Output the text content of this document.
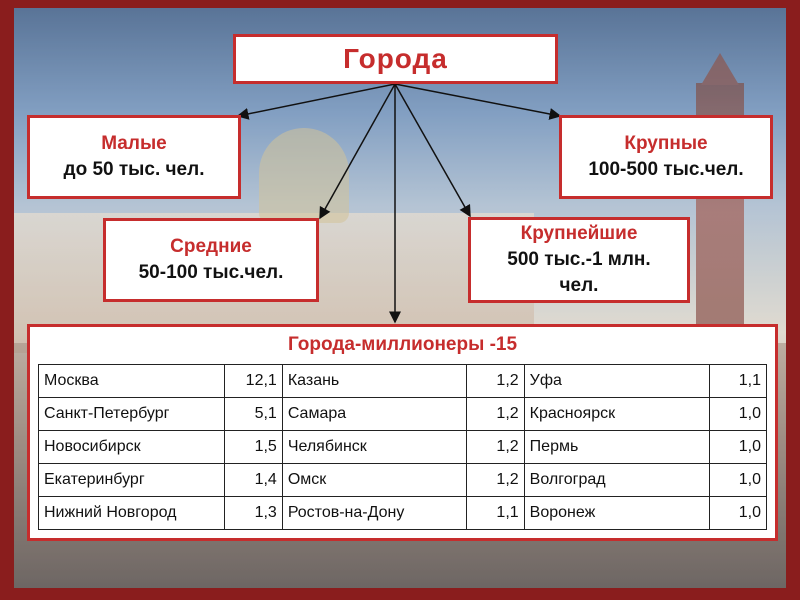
Города
Малые
до 50 тыс. чел.
Крупные
100-500 тыс.чел.
Средние
50-100 тыс.чел.
Крупнейшие
500 тыс.-1 млн.
чел.
Города-миллионеры -15
Москва	12,1	Казань	1,2	Уфа	1,1
Санкт-Петербург	5,1	Самара	1,2	Красноярск	1,0
Новосибирск	1,5	Челябинск	1,2	Пермь	1,0
Екатеринбург	1,4	Омск	1,2	Волгоград	1,0
Нижний Новгород	1,3	Ростов-на-Дону	1,1	Воронеж	1,0
